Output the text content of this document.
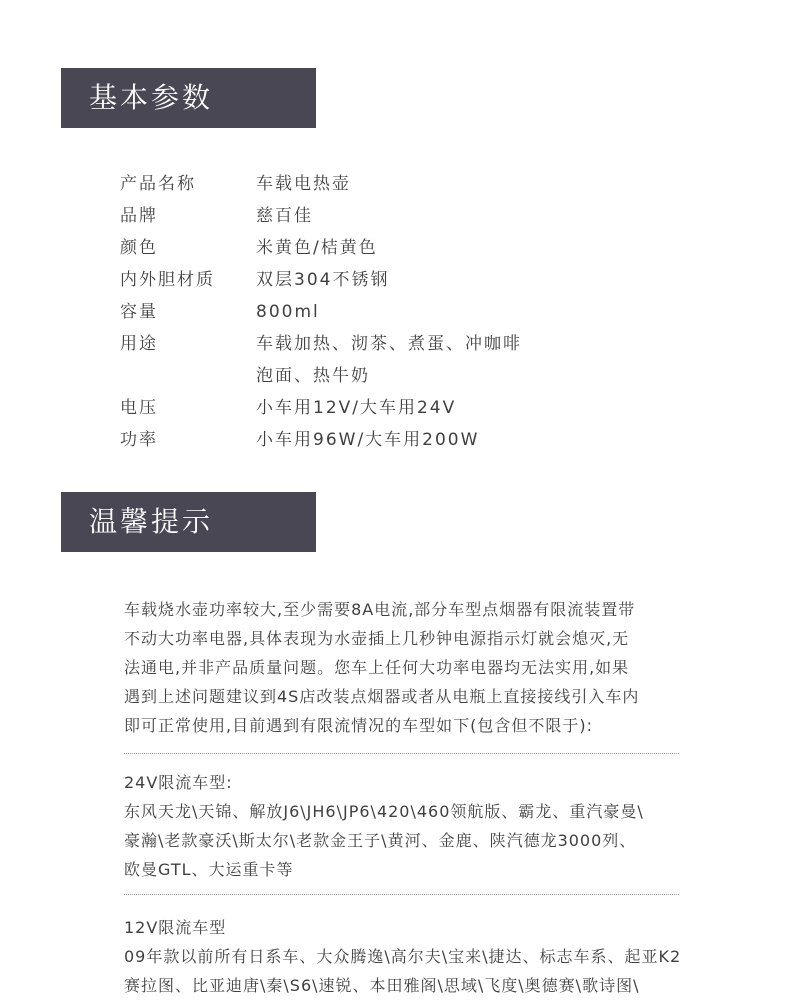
基本参数
产品名称	车载电热壶
品牌	慈百佳
颜色	米黄色/桔黄色
内外胆材质	双层304不锈钢
容量	800ml
用途	车载加热、沏茶、煮蛋、冲咖啡
泡面、热牛奶
电压	小车用12V/大车用24V
功率	小车用96W/大车用200W
温馨提示
车载烧水壶功率较大,至少需要8A电流,部分车型点烟器有限流装置带
不动大功率电器,具体表现为水壶插上几秒钟电源指示灯就会熄灭,无
法通电,并非产品质量问题。您车上任何大功率电器均无法实用,如果
遇到上述问题建议到4S店改装点烟器或者从电瓶上直接接线引入车内
即可正常使用,目前遇到有限流情况的车型如下(包含但不限于):
24V限流车型:
东风天龙\天锦、解放J6\JH6\JP6\420\460领航版、霸龙、重汽豪曼\
豪瀚\老款豪沃\斯太尔\老款金王子\黄河、金鹿、陕汽德龙3000列、
欧曼GTL、大运重卡等
12V限流车型
09年款以前所有日系车、大众腾逸\高尔夫\宝来\捷达、标志车系、起亚K2
赛拉图、比亚迪唐\秦\S6\速锐、本田雅阁\思域\飞度\奥德赛\歌诗图\
